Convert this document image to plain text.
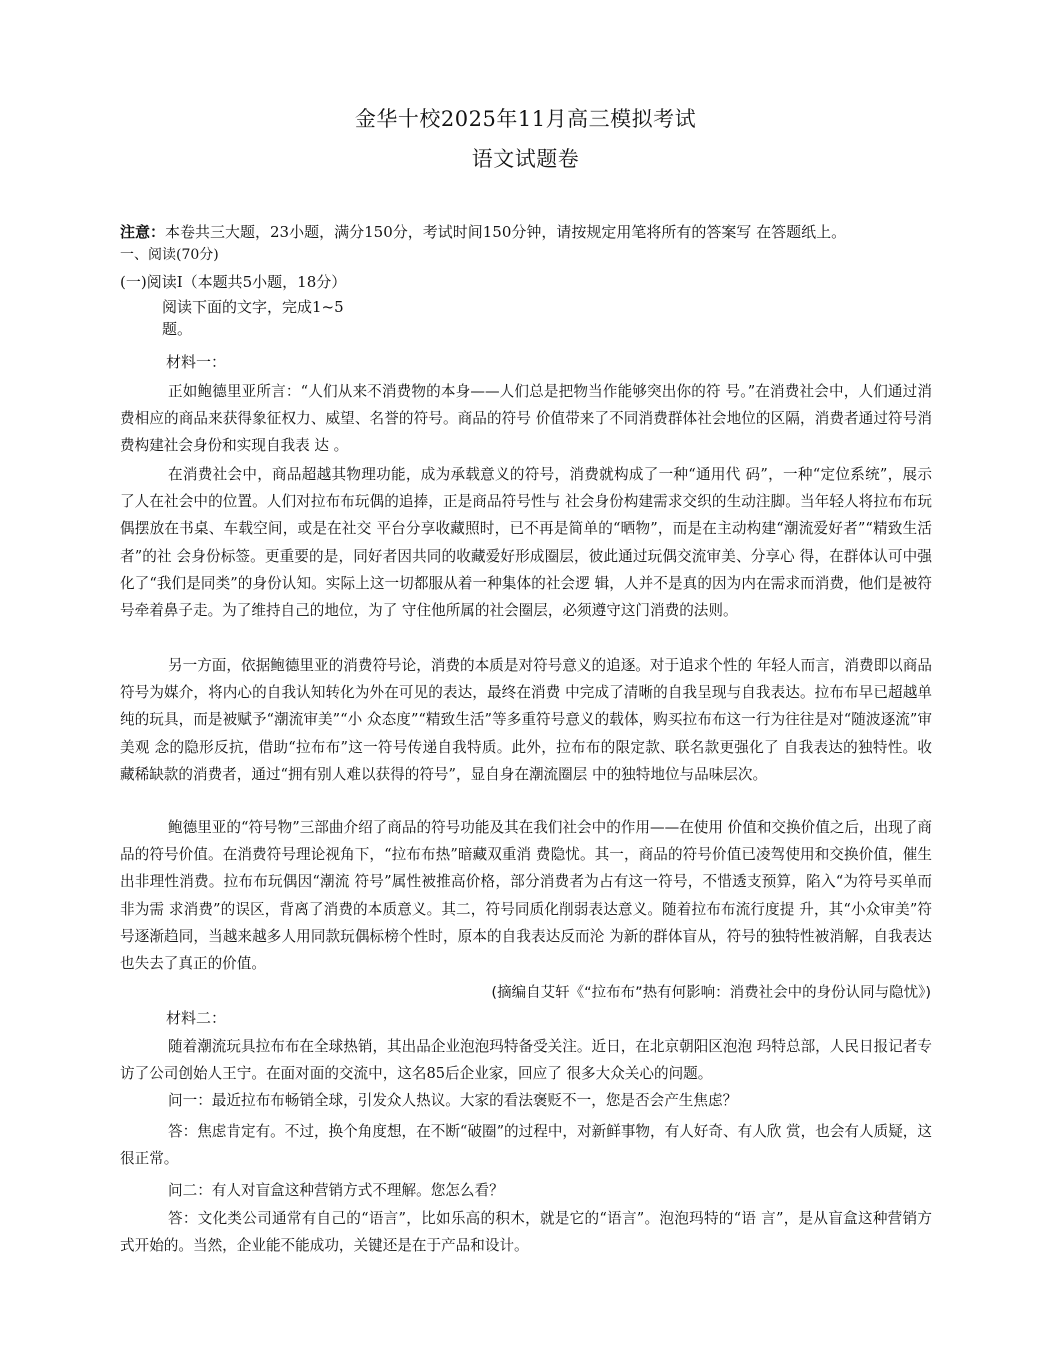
金华十校2025年11月高三模拟考试
语文试题卷
注意：本卷共三大题，23小题，满分150分，考试时间150分钟，请按规定用笔将所有的答案写 在答题纸上。
一、阅读(70分)
(一)阅读I（本题共5小题，18分）
阅读下面的文字，完成1~5
题。
材料一：

正如鲍德里亚所言：“人们从来不消费物的本身——人们总是把物当作能够突出你的符 号。”在消费社会中，人们通过消费相应的商品来获得象征权力、威望、名誉的符号。商品的符号 价值带来了不同消费群体社会地位的区隔，消费者通过符号消费构建社会身份和实现自我表 达 。

在消费社会中，商品超越其物理功能，成为承载意义的符号，消费就构成了一种“通用代 码”，一种“定位系统”，展示了人在社会中的位置。人们对拉布布玩偶的追捧，正是商品符号性与 社会身份构建需求交织的生动注脚。当年轻人将拉布布玩偶摆放在书桌、车载空间，或是在社交 平台分享收藏照时，已不再是简单的“晒物”，而是在主动构建“潮流爱好者”“精致生活者”的社 会身份标签。更重要的是，同好者因共同的收藏爱好形成圈层，彼此通过玩偶交流审美、分享心 得，在群体认可中强化了“我们是同类”的身份认知。实际上这一切都服从着一种集体的社会逻 辑，人并不是真的因为内在需求而消费，他们是被符号牵着鼻子走。为了维持自己的地位，为了 守住他所属的社会圈层，必须遵守这门消费的法则。

另一方面，依据鲍德里亚的消费符号论，消费的本质是对符号意义的追逐。对于追求个性的 年轻人而言，消费即以商品符号为媒介，将内心的自我认知转化为外在可见的表达，最终在消费 中完成了清晰的自我呈现与自我表达。拉布布早已超越单纯的玩具，而是被赋予“潮流审美”“小 众态度”“精致生活”等多重符号意义的载体，购买拉布布这一行为往往是对“随波逐流”审美观 念的隐形反抗，借助“拉布布”这一符号传递自我特质。此外，拉布布的限定款、联名款更强化了 自我表达的独特性。收藏稀缺款的消费者，通过“拥有别人难以获得的符号”，显自身在潮流圈层 中的独特地位与品味层次。

鲍德里亚的“符号物”三部曲介绍了商品的符号功能及其在我们社会中的作用——在使用 价值和交换价值之后，出现了商品的符号价值。在消费符号理论视角下，“拉布布热”暗藏双重消 费隐忧。其一，商品的符号价值已凌驾使用和交换价值，催生出非理性消费。拉布布玩偶因“潮流 符号”属性被推高价格，部分消费者为占有这一符号，不惜透支预算，陷入“为符号买单而非为需 求消费”的误区，背离了消费的本质意义。其二，符号同质化削弱表达意义。随着拉布布流行度提 升，其“小众审美”符号逐渐趋同，当越来越多人用同款玩偶标榜个性时，原本的自我表达反而沦 为新的群体盲从，符号的独特性被消解，自我表达也失去了真正的价值。

(摘编自艾轩《“拉布布”热有何影响：消费社会中的身份认同与隐忧》)
材料二：

随着潮流玩具拉布布在全球热销，其出品企业泡泡玛特备受关注。近日，在北京朝阳区泡泡 玛特总部，人民日报记者专访了公司创始人王宁。在面对面的交流中，这名85后企业家，回应了 很多大众关心的问题。

问一：最近拉布布畅销全球，引发众人热议。大家的看法褒贬不一，您是否会产生焦虑？

答：焦虑肯定有。不过，换个角度想，在不断“破圈”的过程中，对新鲜事物，有人好奇、有人欣 赏，也会有人质疑，这很正常。

问二：有人对盲盒这种营销方式不理解。您怎么看？

答：文化类公司通常有自己的“语言”，比如乐高的积木，就是它的“语言”。泡泡玛特的“语 言”，是从盲盒这种营销方式开始的。当然，企业能不能成功，关键还是在于产品和设计。
